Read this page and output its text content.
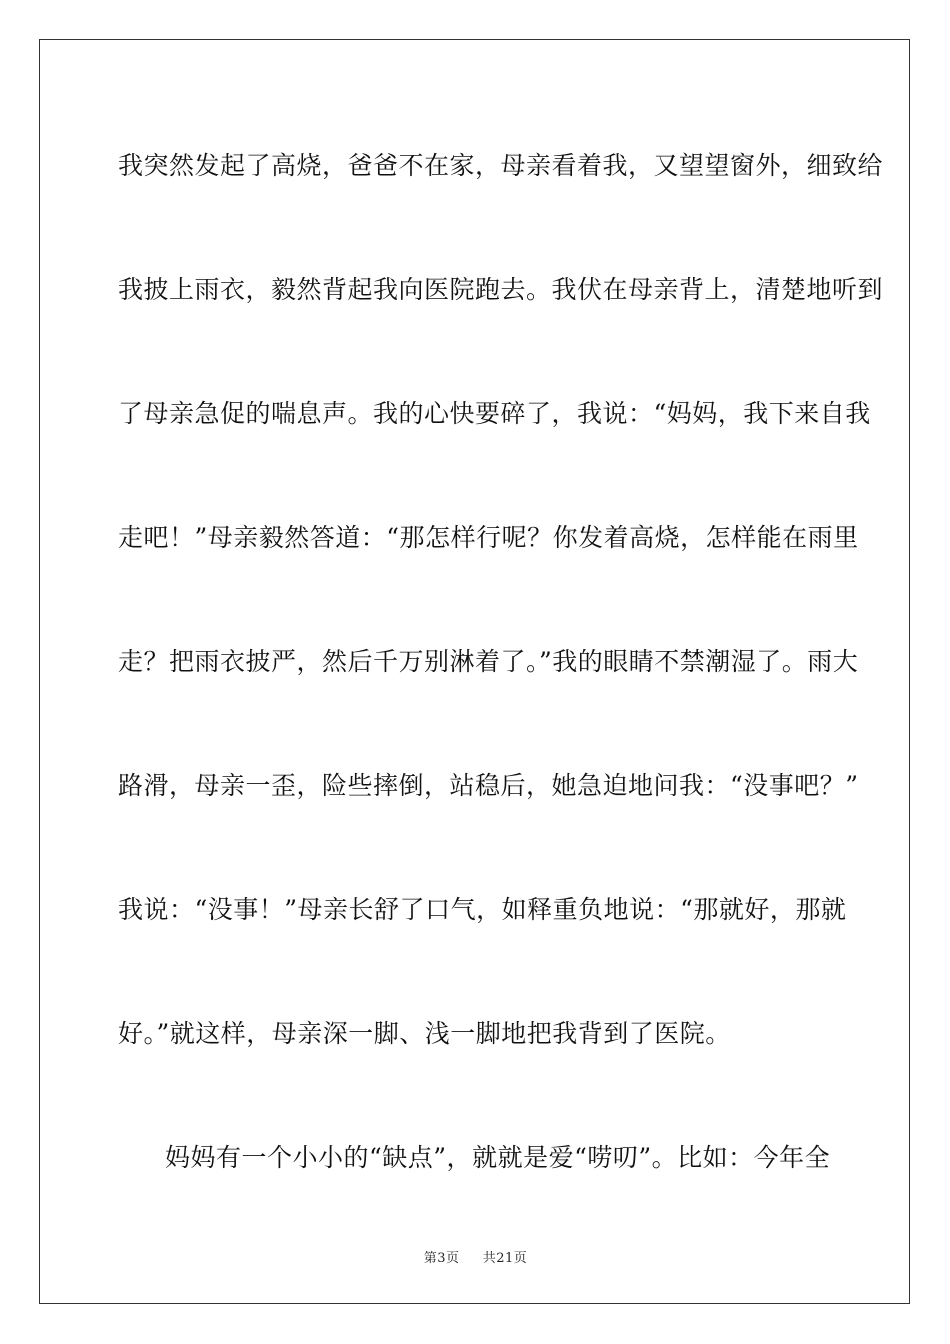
我突然发起了高烧，爸爸不在家，母亲看着我，又望望窗外，细致给
我披上雨衣，毅然背起我向医院跑去。我伏在母亲背上，清楚地听到
了母亲急促的喘息声。我的心快要碎了，我说：“妈妈，我下来自我
走吧！”母亲毅然答道：“那怎样行呢？你发着高烧，怎样能在雨里
走？把雨衣披严，然后千万别淋着了。”我的眼睛不禁潮湿了。雨大
路滑，母亲一歪，险些摔倒，站稳后，她急迫地问我：“没事吧？”
我说：“没事！”母亲长舒了口气，如释重负地说：“那就好，那就
好。”就这样，母亲深一脚、浅一脚地把我背到了医院。
妈妈有一个小小的“缺点”，就就是爱“唠叨”。比如：今年全
第3页 共21页
